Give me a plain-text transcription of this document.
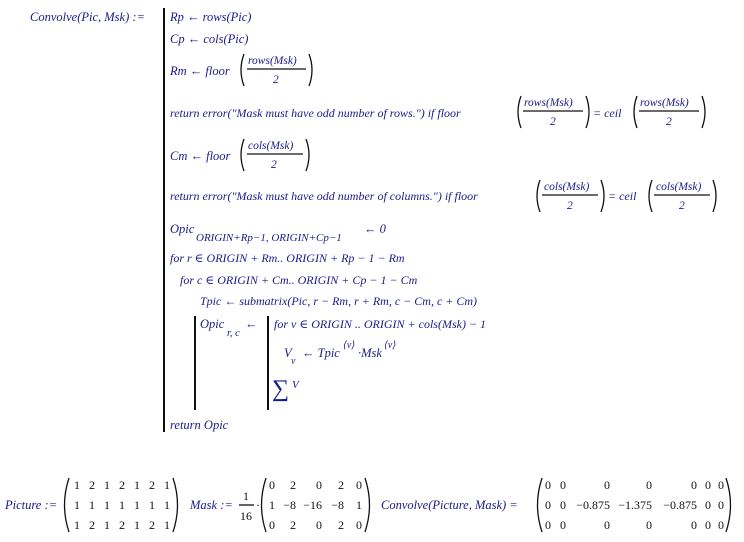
Convolve(Pic, Msk) := Rp ← rows(Pic)
Cp ← cols(Pic)
Rm ← floor
rows(Msk)
2
return error("Mask must have odd number of rows.") if floor
rows(Msk)
2
= ceil
rows(Msk)
2
Cm ← floor
cols(Msk)
2
return error("Mask must have odd number of columns.") if floor
cols(Msk)
2
= ceil
cols(Msk)
2
Opic
ORIGIN+Rp−1, ORIGIN+Cp−1
← 0
for r ∈ ORIGIN + Rm.. ORIGIN + Rp − 1 − Rm
for c ∈ ORIGIN + Cm.. ORIGIN + Cp − 1 − Cm
Tpic ← submatrix(Pic, r − Rm, r + Rm, c − Cm, c + Cm)
Opic
r, c
← for v ∈ ORIGIN .. ORIGIN + cols(Msk) − 1
V
v
← Tpic
⟨v⟩
·Msk
⟨v⟩
∑ V
return Opic
Picture :=
1 2 1 2 1 2 1
1 1 1 1 1 1 1
1 2 1 2 1 2 1
Mask :=
1
16
·
0 2 0 2 0
1 −8 −16 −8 1
0 2 0 2 0
Convolve(Picture, Mask) =
0 0	0	0	0 0 0
0 0 −0.875 −1.375 −0.875 0 0
0 0	0	0	0 0 0
